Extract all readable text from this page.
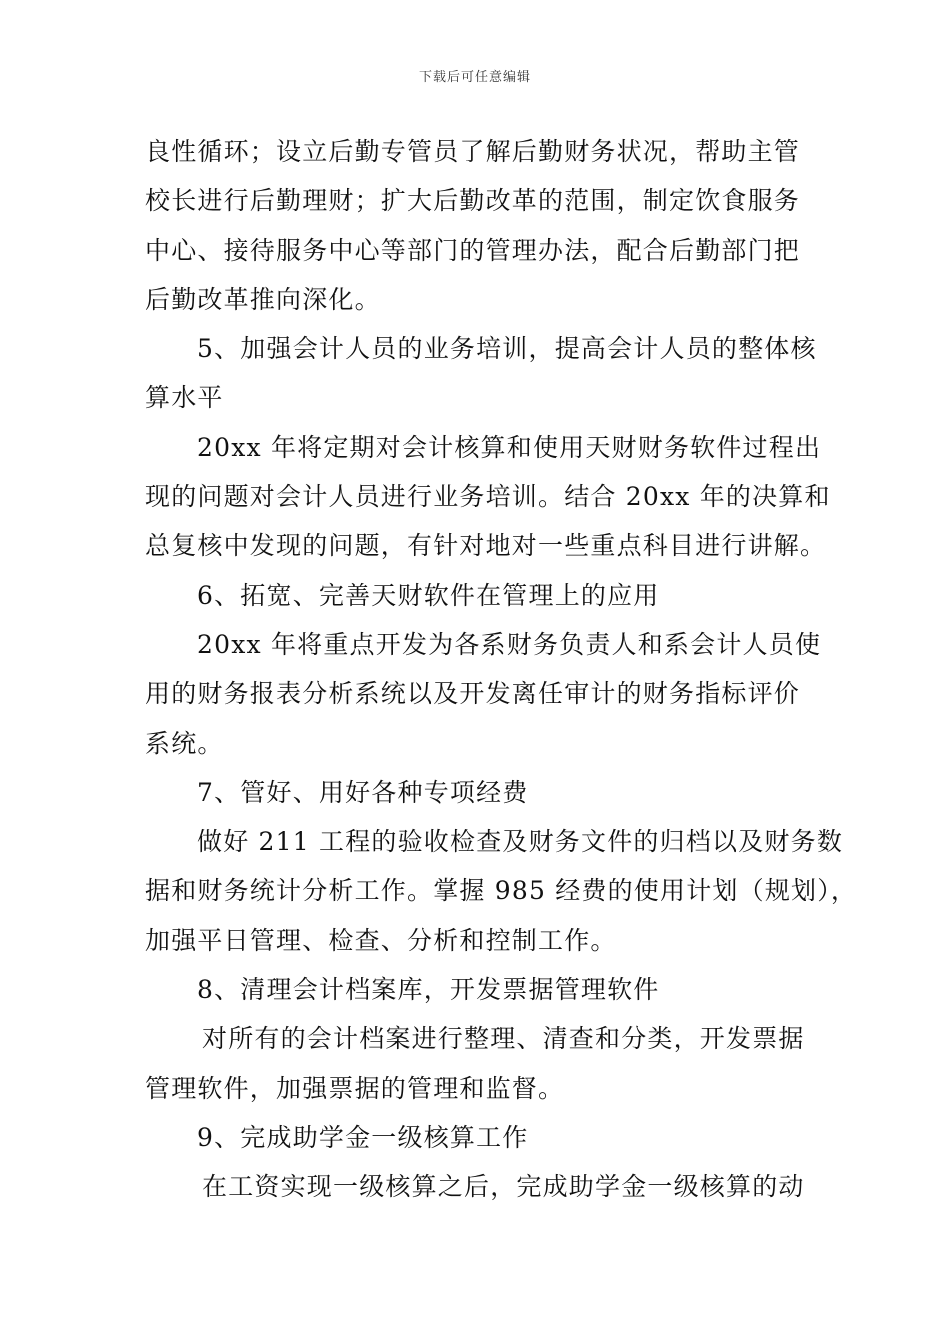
下载后可任意编辑
良性循环；设立后勤专管员了解后勤财务状况，帮助主管
校长进行后勤理财；扩大后勤改革的范围，制定饮食服务
中心、接待服务中心等部门的管理办法，配合后勤部门把
后勤改革推向深化。
5、加强会计人员的业务培训，提高会计人员的整体核
算水平
20xx 年将定期对会计核算和使用天财财务软件过程出
现的问题对会计人员进行业务培训。结合 20xx 年的决算和
总复核中发现的问题，有针对地对一些重点科目进行讲解。
6、拓宽、完善天财软件在管理上的应用
20xx 年将重点开发为各系财务负责人和系会计人员使
用的财务报表分析系统以及开发离任审计的财务指标评价
系统。
7、管好、用好各种专项经费
做好 211 工程的验收检查及财务文件的归档以及财务数
据和财务统计分析工作。掌握 985 经费的使用计划（规划），
加强平日管理、检查、分析和控制工作。
8、清理会计档案库，开发票据管理软件
对所有的会计档案进行整理、清查和分类，开发票据
管理软件，加强票据的管理和监督。
9、完成助学金一级核算工作
在工资实现一级核算之后，完成助学金一级核算的动
